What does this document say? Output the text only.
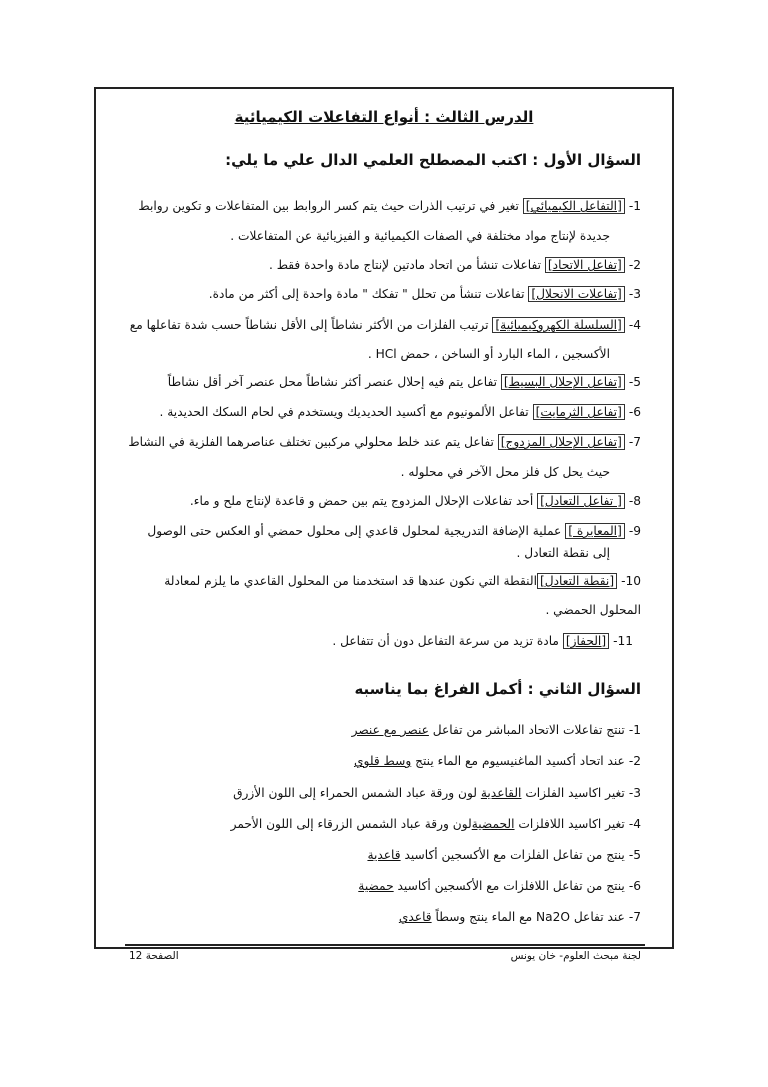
الدرس الثالث : أنواع التفاعلات الكيميائية
السؤال الأول : اكتب المصطلح العلمي الدال علي ما يلي:
1-[التفاعل الكيميائي] تغير في ترتيب الذرات حيث يتم كسر الروابط بين المتفاعلات و تكوين روابط
جديدة لإنتاج مواد مختلفة في الصفات الكيميائية و الفيزيائية عن المتفاعلات .
2-[تفاعل الاتحاد] تفاعلات تنشأ من اتحاد مادتين لإنتاج مادة واحدة فقط .
3-[تفاعلات الانحلال] تفاعلات تنشأ من تحلل " تفكك " مادة واحدة إلى أكثر من مادة.
4-[السلسلة الكهروكيميائية] ترتيب الفلزات من الأكثر نشاطاً إلى الأقل نشاطاً حسب شدة تفاعلها مع
الأكسجين ، الماء البارد أو الساخن ، حمض HCl .
5-[تفاعل الإحلال البسيط] تفاعل يتم فيه إحلال عنصر أكثر نشاطاً محل عنصر آخر أقل نشاطاً
6-[تفاعل الثرمايت] تفاعل الألمونيوم مع أكسيد الحديديك ويستخدم في لحام السكك الحديدية .
7-[تفاعل الإحلال المزدوج] تفاعل يتم عند خلط محلولي مركبين تختلف عناصرهما الفلزية في النشاط
حيث يحل كل فلز محل الآخر في محلوله .
8-[ تفاعل التعادل] أحد تفاعلات الإحلال المزدوج يتم بين حمض و قاعدة لإنتاج ملح و ماء.
9-[المعايرة ] عملية الإضافة التدريجية لمحلول قاعدي إلى محلول حمضي أو العكس حتى الوصول
إلى نقطة التعادل .
10-[نقطة التعادل]النقطة التي نكون عندها قد استخدمنا من المحلول القاعدي ما يلزم لمعادلة
المحلول الحمضي .
11-[الحفاز] مادة تزيد من سرعة التفاعل دون أن تتفاعل .
السؤال الثاني : أكمل الفراغ بما يناسبه
1-تنتج تفاعلات الاتحاد المباشر من تفاعل عنصر مع عنصر
2-عند اتحاد أكسيد الماغنيسيوم مع الماء ينتج وسط قلوي
3-تغير اكاسيد الفلزات القاعدية لون ورقة عباد الشمس الحمراء إلى اللون الأزرق
4-تغير اكاسيد اللافلزات الحمضيةلون ورقة عباد الشمس الزرقاء إلى اللون الأحمر
5-ينتج من تفاعل الفلزات مع الأكسجين أكاسيد قاعدية
6-ينتج من تفاعل اللافلزات مع الأكسجين أكاسيد حمضية
7-عند تفاعل Na2O مع الماء ينتج وسطاً قاعدي
لجنة مبحث العلوم- خان يونس
الصفحة 12
